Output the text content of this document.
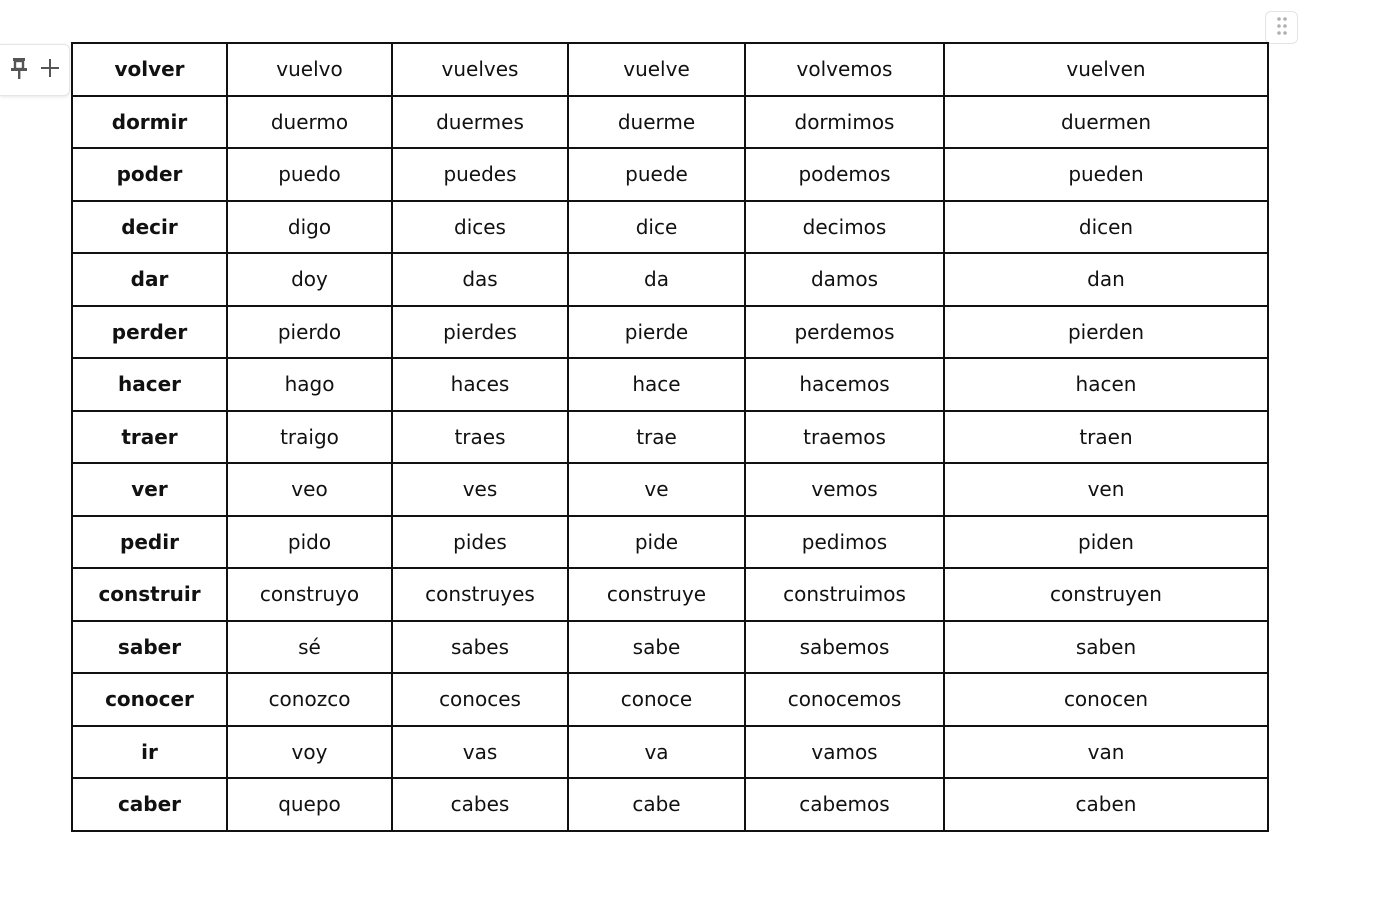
volver	vuelvo	vuelves	vuelve	volvemos	vuelven
dormir	duermo	duermes	duerme	dormimos	duermen
poder	puedo	puedes	puede	podemos	pueden
decir	digo	dices	dice	decimos	dicen
dar	doy	das	da	damos	dan
perder	pierdo	pierdes	pierde	perdemos	pierden
hacer	hago	haces	hace	hacemos	hacen
traer	traigo	traes	trae	traemos	traen
ver	veo	ves	ve	vemos	ven
pedir	pido	pides	pide	pedimos	piden
construir	construyo	construyes	construye	construimos	construyen
saber	sé	sabes	sabe	sabemos	saben
conocer	conozco	conoces	conoce	conocemos	conocen
ir	voy	vas	va	vamos	van
caber	quepo	cabes	cabe	cabemos	caben
